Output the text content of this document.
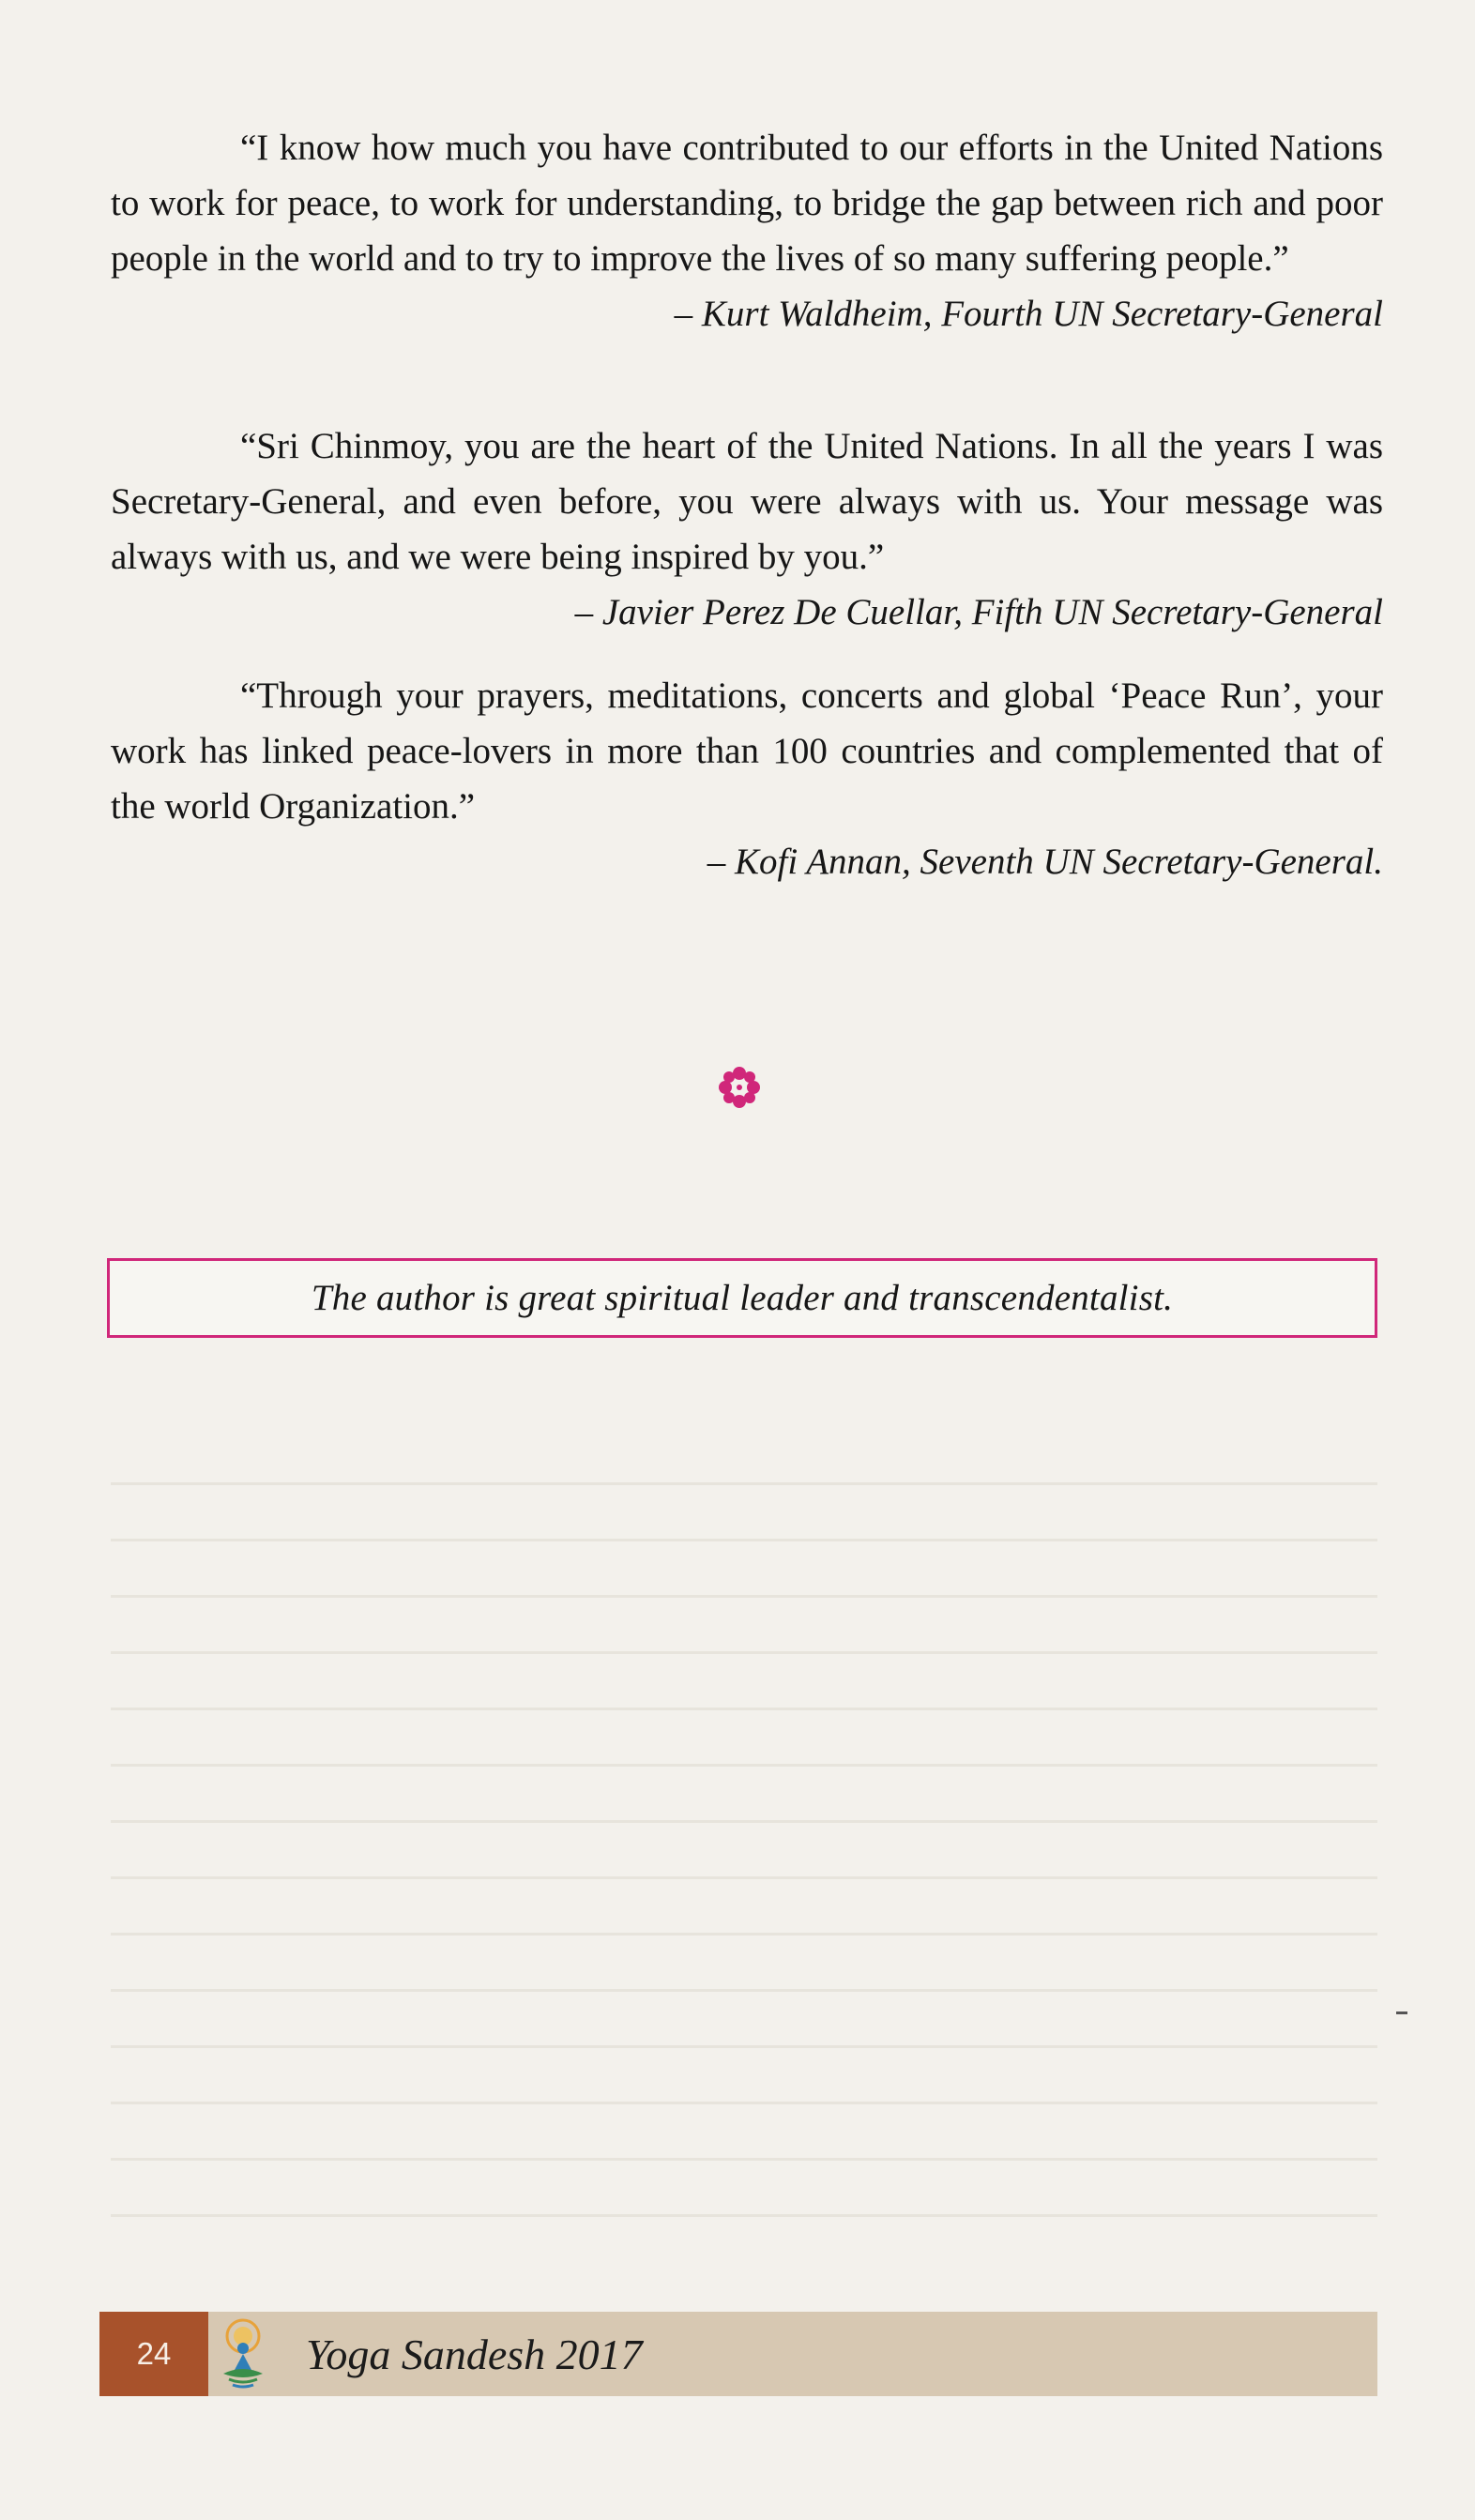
“I know how much you have contributed to our efforts in the United Nations to work for peace, to work for understanding, to bridge the gap between rich and poor people in the world and to try to improve the lives of so many suffering people.”

– Kurt Waldheim, Fourth UN Secretary-General

“Sri Chinmoy, you are the heart of the United Nations. In all the years I was Secretary-General, and even before, you were always with us. Your message was always with us, and we were being inspired by you.”

– Javier Perez De Cuellar, Fifth UN Secretary-General

“Through your prayers, meditations, concerts and global ‘Peace Run’, your work has linked peace-lovers in more than 100 countries and complemented that of the world Organization.”

– Kofi Annan, Seventh UN Secretary-General.

The author is great spiritual leader and transcendentalist.
24	Yoga Sandesh 2017
